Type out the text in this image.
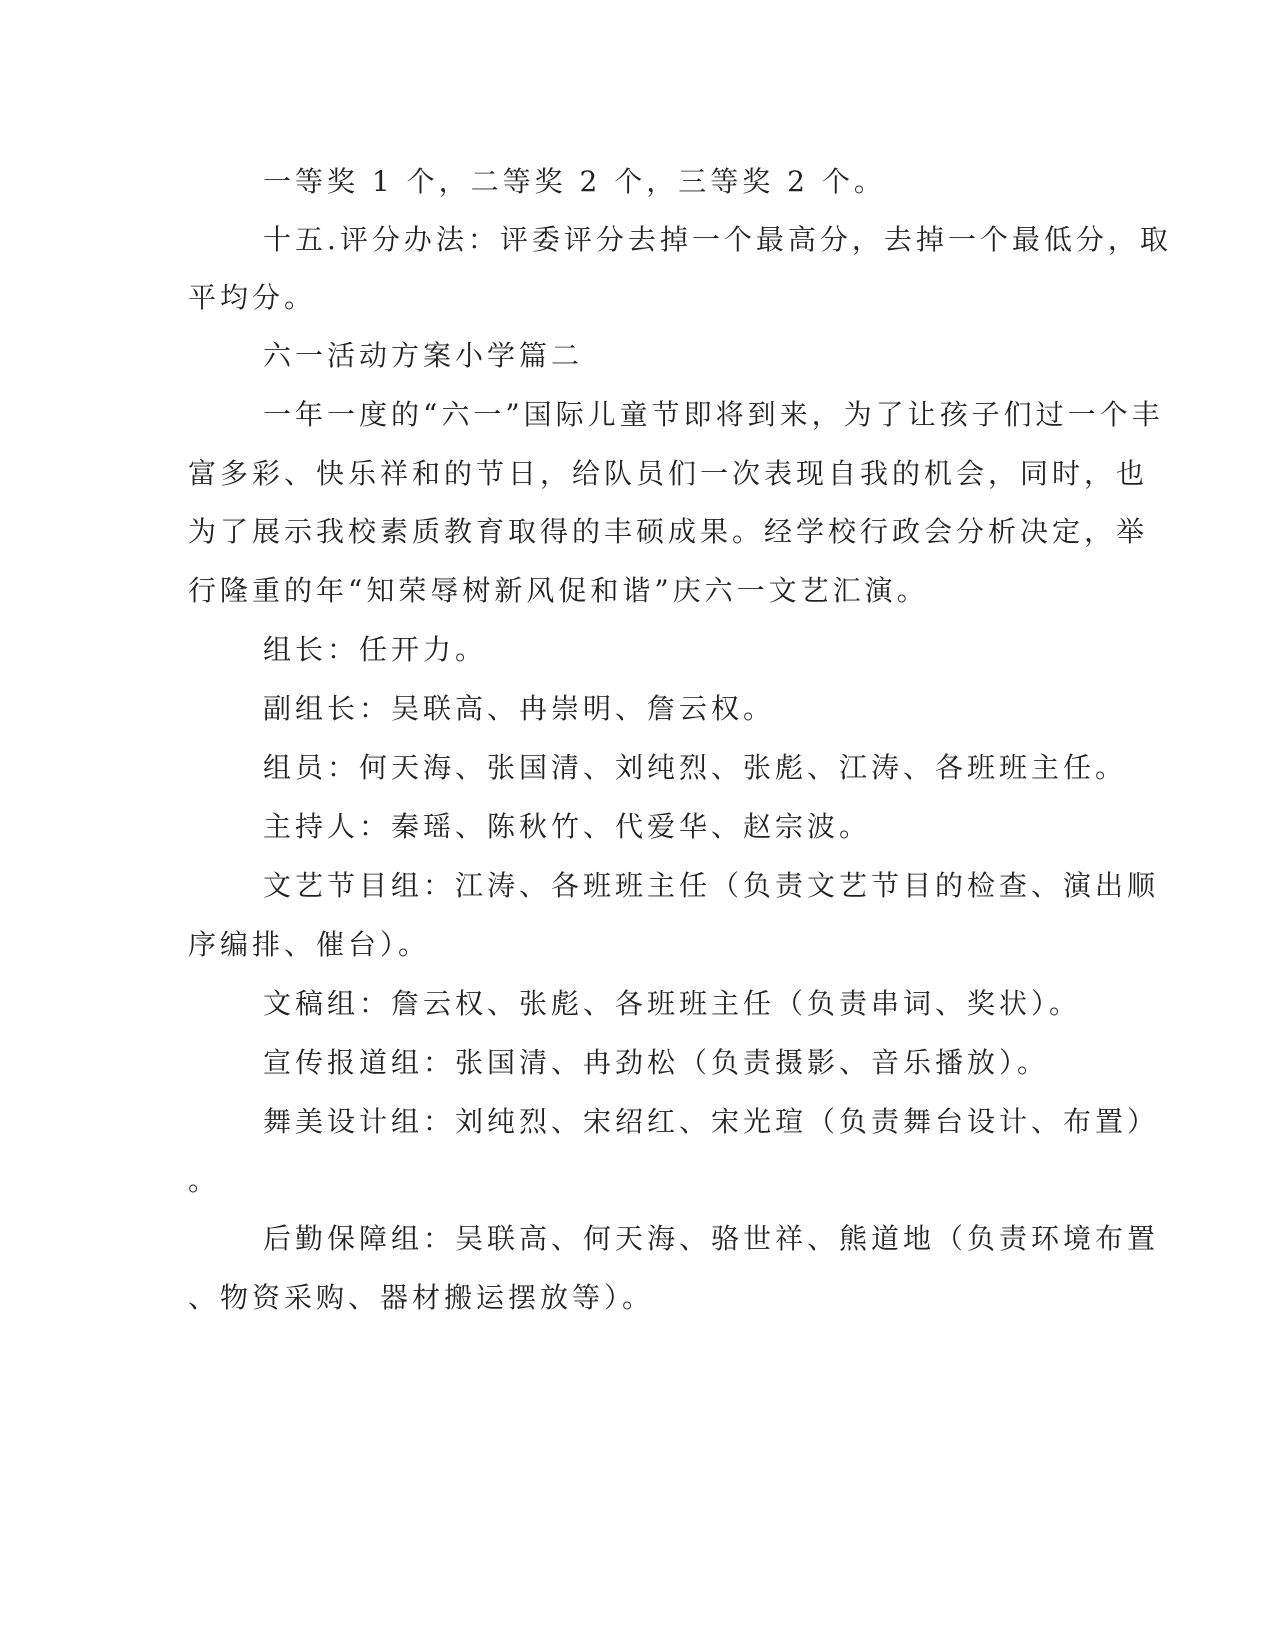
一等奖 1 个，二等奖 2 个，三等奖 2 个。
十五.评分办法：评委评分去掉一个最高分，去掉一个最低分，取
平均分。
六一活动方案小学篇二
一年一度的“六一”国际儿童节即将到来，为了让孩子们过一个丰
富多彩、快乐祥和的节日，给队员们一次表现自我的机会，同时，也
为了展示我校素质教育取得的丰硕成果。经学校行政会分析决定，举
行隆重的年“知荣辱树新风促和谐”庆六一文艺汇演。
组长：任开力。
副组长：吴联高、冉崇明、詹云权。
组员：何天海、张国清、刘纯烈、张彪、江涛、各班班主任。
主持人：秦瑶、陈秋竹、代爱华、赵宗波。
文艺节目组：江涛、各班班主任（负责文艺节目的检查、演出顺
序编排、催台）。
文稿组：詹云权、张彪、各班班主任（负责串词、奖状）。
宣传报道组：张国清、冉劲松（负责摄影、音乐播放）。
舞美设计组：刘纯烈、宋绍红、宋光瑄（负责舞台设计、布置）
。
后勤保障组：吴联高、何天海、骆世祥、熊道地（负责环境布置
、物资采购、器材搬运摆放等）。
